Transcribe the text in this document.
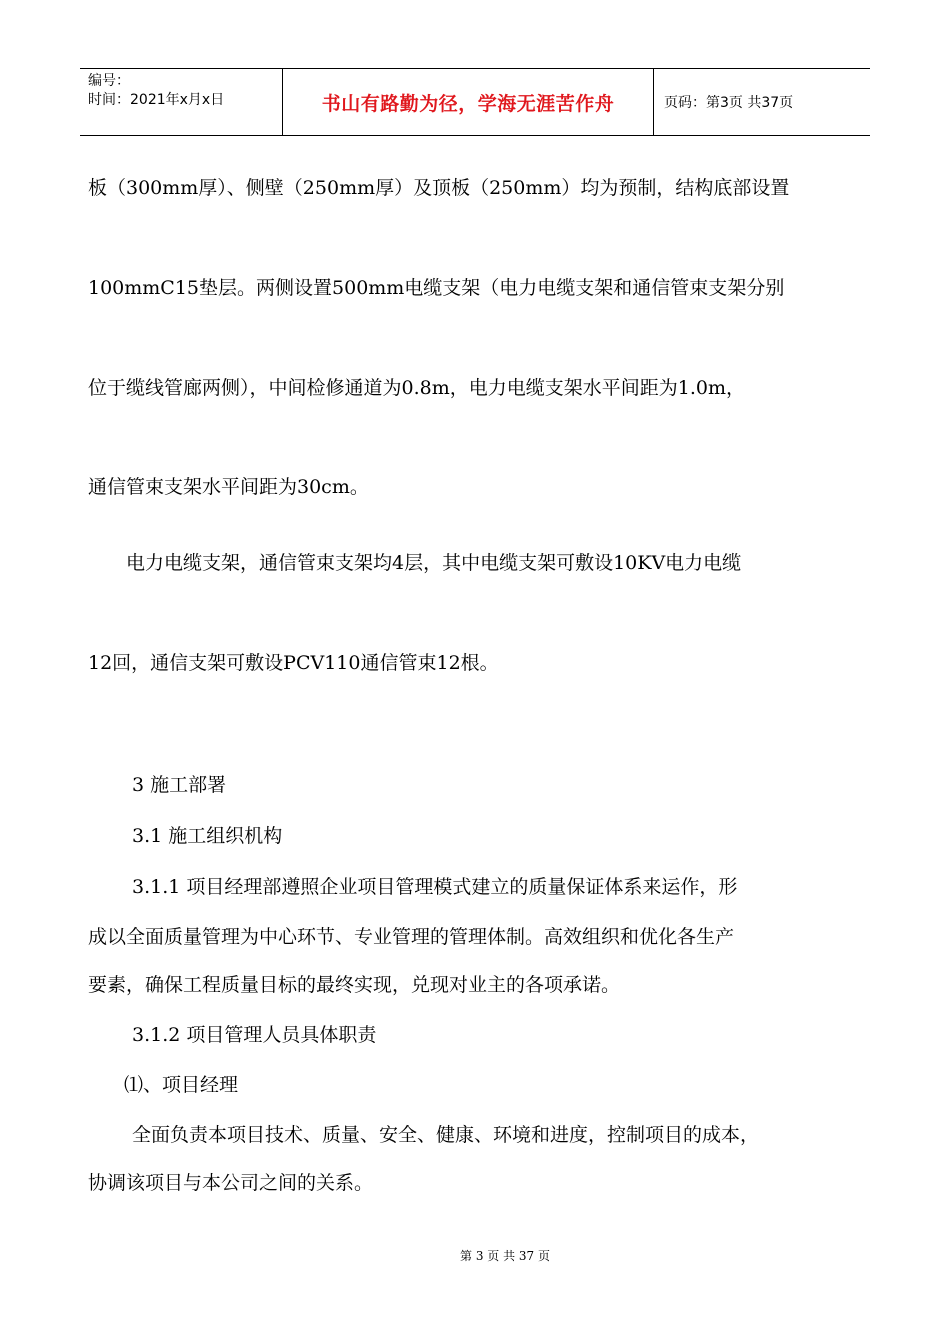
编号：
时间：2021年x月x日	书山有路勤为径，学海无涯苦作舟	页码：第3页 共37页
板（300mm厚）、侧壁（250mm厚）及顶板（250mm）均为预制，结构底部设置
100mmC15垫层。两侧设置500mm电缆支架（电力电缆支架和通信管束支架分别
位于缆线管廊两侧），中间检修通道为0.8m，电力电缆支架水平间距为1.0m，
通信管束支架水平间距为30cm。
电力电缆支架，通信管束支架均4层，其中电缆支架可敷设10KV电力电缆
12回，通信支架可敷设PCV110通信管束12根。
3 施工部署
3.1 施工组织机构
3.1.1 项目经理部遵照企业项目管理模式建立的质量保证体系来运作，形
成以全面质量管理为中心环节、专业管理的管理体制。高效组织和优化各生产
要素，确保工程质量目标的最终实现，兑现对业主的各项承诺。
3.1.2 项目管理人员具体职责
⑴、项目经理
全面负责本项目技术、质量、安全、健康、环境和进度，控制项目的成本，
协调该项目与本公司之间的关系。
第 3 页 共 37 页
